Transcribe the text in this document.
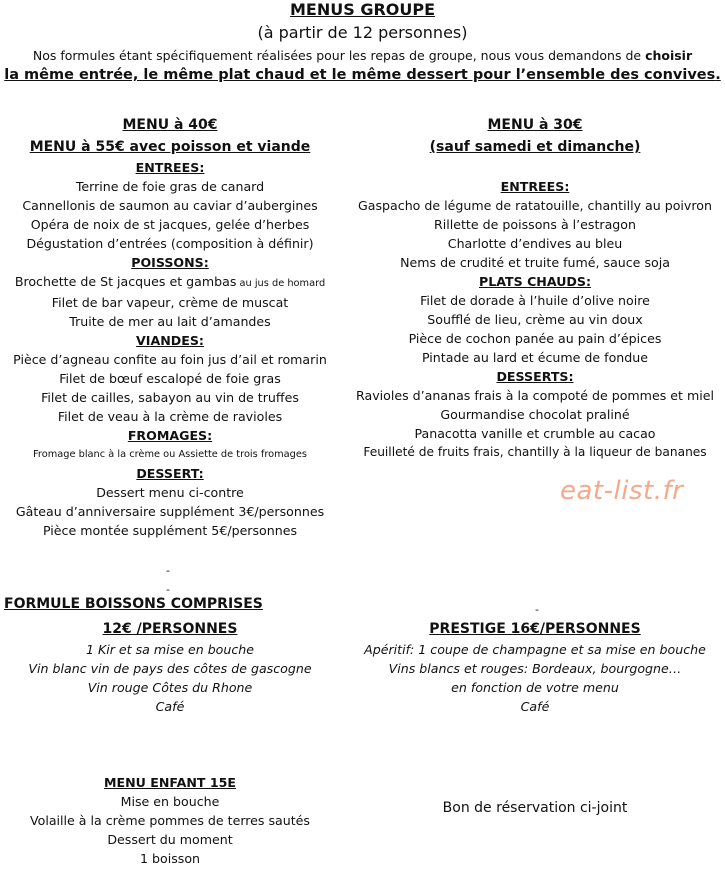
MENUS GROUPE
(à partir de 12 personnes)
Nos formules étant spécifiquement réalisées pour les repas de groupe, nous vous demandons de choisir
la même entrée, le même plat chaud et le même dessert pour l’ensemble des convives.
MENU à 40€
MENU à 55€ avec poisson et viande
ENTREES:
Terrine de foie gras de canard
Cannellonis de saumon au caviar d’aubergines
Opéra de noix de st jacques, gelée d’herbes
Dégustation d’entrées (composition à définir)
POISSONS:
Brochette de St jacques et gambas au jus de homard
Filet de bar vapeur, crème de muscat
Truite de mer au lait d’amandes
VIANDES:
Pièce d’agneau confite au foin jus d’ail et romarin
Filet de bœuf escalopé de foie gras
Filet de cailles, sabayon au vin de truffes
Filet de veau à la crème de ravioles
FROMAGES:
Fromage blanc à la crème ou Assiette de trois fromages
DESSERT:
Dessert menu ci-contre
Gâteau d’anniversaire supplément 3€/personnes
Pièce montée supplément 5€/personnes
MENU à 30€
(sauf samedi et dimanche)
ENTREES:
Gaspacho de légume de ratatouille, chantilly au poivron
Rillette de poissons à l’estragon
Charlotte d’endives au bleu
Nems de crudité et truite fumé, sauce soja
PLATS CHAUDS:
Filet de dorade à l’huile d’olive noire
Soufflé de lieu, crème au vin doux
Pièce de cochon panée au pain d’épices
Pintade au lard et écume de fondue
DESSERTS:
Ravioles d’ananas frais à la compoté de pommes et miel
Gourmandise chocolat praliné
Panacotta vanille et crumble au cacao
Feuilleté de fruits frais, chantilly à la liqueur de bananes
eat-list.fr
-
-
-
FORMULE BOISSONS COMPRISES
12€ /PERSONNES
1 Kir et sa mise en bouche
Vin blanc vin de pays des côtes de gascogne
Vin rouge Côtes du Rhone
Café
PRESTIGE 16€/PERSONNES
Apéritif: 1 coupe de champagne et sa mise en bouche
Vins blancs et rouges: Bordeaux, bourgogne…
en fonction de votre menu
Café
MENU ENFANT 15E
Mise en bouche
Volaille à la crème pommes de terres sautés
Dessert du moment
1 boisson
Bon de réservation ci-joint
